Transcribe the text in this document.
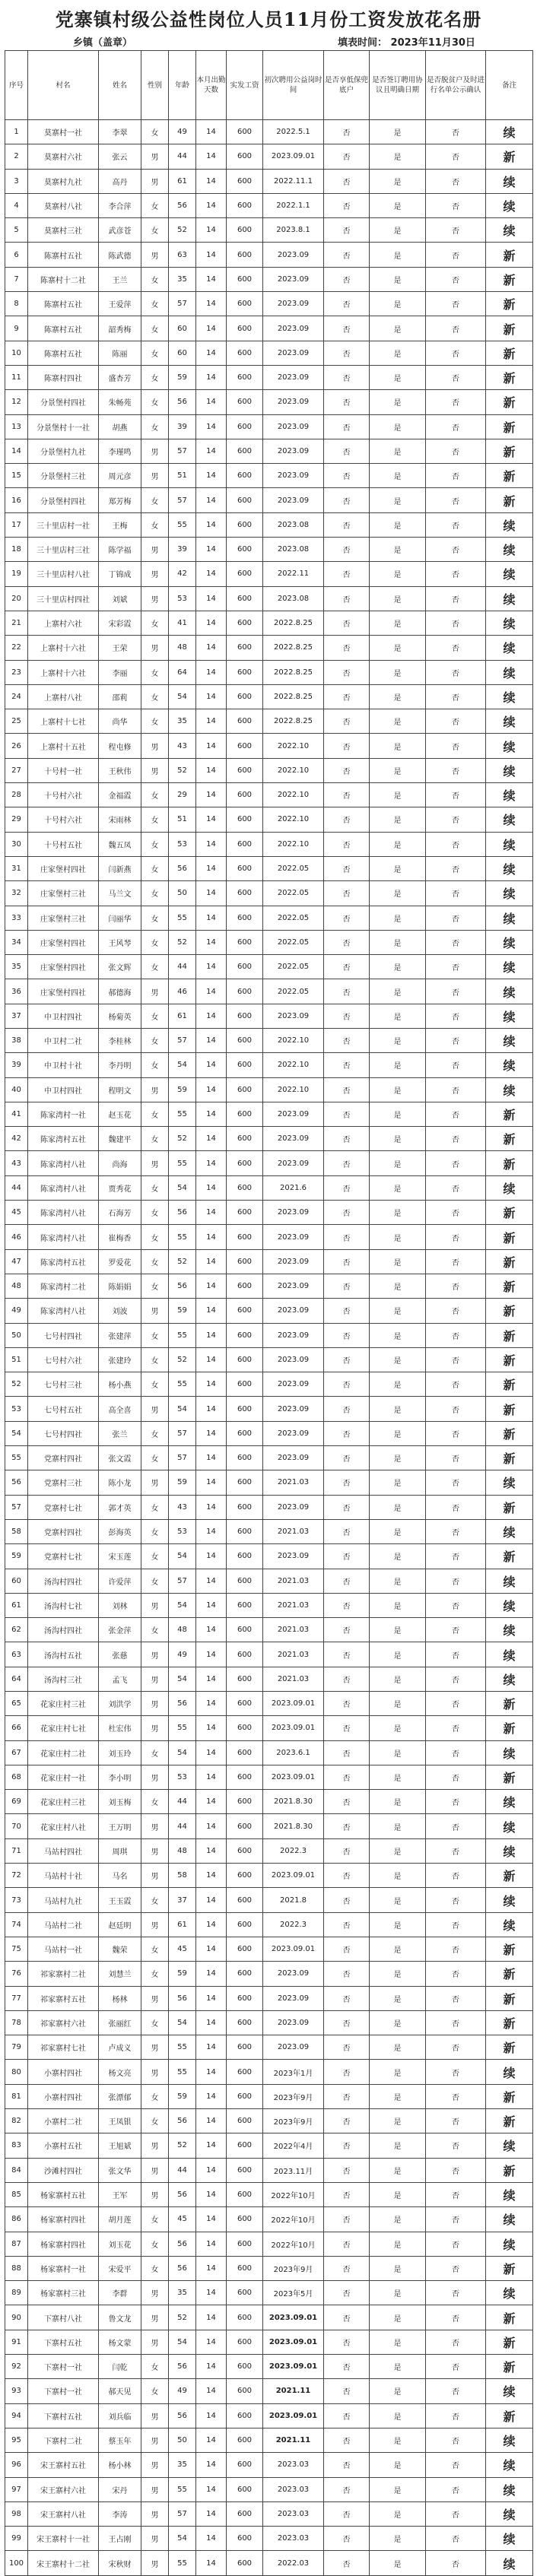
党寨镇村级公益性岗位人员11月份工资发放花名册
乡镇（盖章）	填表时间： 2023年11月30日
序号	村名	姓名	性别	年龄	本月出勤天数	实发工资	初次聘用公益岗时间	是否享低保兜底户	是否签订聘用协议且明确日期	是否脱贫户及时进行名单公示确认	备注
1	莫寨村一社	李翠	女	49	14	600	2022.5.1	否	是	否	续
2	莫寨村六社	张云	男	44	14	600	2023.09.01	否	是	否	新
3	莫寨村九社	高丹	男	61	14	600	2022.11.1	否	是	否	续
4	莫寨村八社	李合萍	女	56	14	600	2022.1.1	否	是	否	续
5	莫寨村三社	武彦苍	女	52	14	600	2023.8.1	否	是	否	续
6	陈寨村五社	陈武德	男	63	14	600	2023.09	否	是	否	新
7	陈寨村十二社	王兰	女	35	14	600	2023.09	否	是	否	新
8	陈寨村五社	王爱萍	女	57	14	600	2023.09	否	是	否	新
9	陈寨村五社	韶秀梅	女	60	14	600	2023.09	否	是	否	新
10	陈寨村五社	陈丽	女	60	14	600	2023.09	否	是	否	新
11	陈寨村四社	盛杏芳	女	59	14	600	2023.09	否	是	否	新
12	分景堡村四社	朱畅苑	女	56	14	600	2023.09	否	是	否	新
13	分景堡村十一社	胡燕	女	39	14	600	2023.09	否	是	否	新
14	分景堡村九社	李瑾鸣	男	57	14	600	2023.09	否	是	否	新
15	分景堡村三社	周元彦	男	51	14	600	2023.09	否	是	否	新
16	分景堡村四社	郑芳梅	女	57	14	600	2023.09	否	是	否	新
17	三十里店村一社	王梅	女	55	14	600	2023.08	否	是	否	续
18	三十里店村三社	陈学福	男	39	14	600	2023.08	否	是	否	续
19	三十里店村八社	丁锦成	男	42	14	600	2022.11	否	是	否	续
20	三十里店村四社	刘斌	男	53	14	600	2023.08	否	是	否	续
21	上寨村六社	宋彩霞	女	41	14	600	2022.8.25	否	是	否	续
22	上寨村十六社	王荣	男	48	14	600	2022.8.25	否	是	否	续
23	上寨村十六社	李丽	女	64	14	600	2022.8.25	否	是	否	续
24	上寨村八社	邵莉	女	54	14	600	2022.8.25	否	是	否	续
25	上寨村十七社	尚华	女	35	14	600	2022.8.25	否	是	否	续
26	上寨村十五社	程屯修	男	43	14	600	2022.10	否	是	否	续
27	十号村一社	王秋伟	男	52	14	600	2022.10	否	是	否	续
28	十号村六社	金福霞	女	29	14	600	2022.10	否	是	否	续
29	十号村六社	宋雨林	女	51	14	600	2022.10	否	是	否	续
30	十号村五社	魏五凤	女	53	14	600	2022.10	否	是	否	续
31	庄家堡村四社	闫新燕	女	56	14	600	2022.05	否	是	否	续
32	庄家堡村三社	马兰文	女	50	14	600	2022.05	否	是	否	续
33	庄家堡村三社	闫丽华	女	55	14	600	2022.05	否	是	否	续
34	庄家堡村四社	王风琴	女	52	14	600	2022.05	否	是	否	续
35	庄家堡村四社	张文辉	女	44	14	600	2022.05	否	是	否	续
36	庄家堡村四社	郝德海	男	46	14	600	2022.05	否	是	否	续
37	中卫村四社	杨菊英	女	61	14	600	2023.09	否	是	否	续
38	中卫村二社	李桂林	女	57	14	600	2022.10	否	是	否	续
39	中卫村十社	李丹明	女	54	14	600	2022.10	否	是	否	续
40	中卫村四社	程明文	男	59	14	600	2022.10	否	是	否	续
41	陈家湾村一社	赵玉花	女	55	14	600	2023.09	否	是	否	新
42	陈家湾村五社	魏建平	女	52	14	600	2023.09	否	是	否	新
43	陈家湾村八社	尚海	男	55	14	600	2023.09	否	是	否	新
44	陈家湾村八社	贾秀花	女	54	14	600	2021.6	否	是	否	续
45	陈家湾村八社	石海芳	女	56	14	600	2023.09	否	是	否	新
46	陈家湾村八社	崔梅香	女	55	14	600	2023.09	否	是	否	新
47	陈家湾村五社	罗爱花	女	52	14	600	2023.09	否	是	否	新
48	陈家湾村二社	陈娟娟	女	56	14	600	2023.09	否	是	否	新
49	陈家湾村八社	刘波	男	59	14	600	2023.09	否	是	否	新
50	七号村四社	张建萍	女	55	14	600	2023.09	否	是	否	新
51	七号村六社	张建玲	女	52	14	600	2023.09	否	是	否	新
52	七号村三社	杨小燕	女	55	14	600	2023.09	否	是	否	新
53	七号村五社	高全喜	男	54	14	600	2023.09	否	是	否	新
54	七号村四社	张兰	女	57	14	600	2023.09	否	是	否	新
55	党寨村四社	张文霞	女	57	14	600	2023.09	否	是	否	新
56	党寨村三社	陈小龙	男	59	14	600	2021.03	否	是	否	续
57	党寨村七社	郭才英	女	43	14	600	2023.09	否	是	否	新
58	党寨村四社	彭海英	女	53	14	600	2021.03	否	是	否	续
59	党寨村七社	宋玉莲	女	54	14	600	2023.09	否	是	否	新
60	汤沟村四社	许爱萍	女	57	14	600	2021.03	否	是	否	续
61	汤沟村七社	刘林	男	54	14	600	2021.03	否	是	否	续
62	汤沟村四社	张金萍	女	48	14	600	2021.03	否	是	否	续
63	汤沟村五社	张慈	男	49	14	600	2021.03	否	是	否	续
64	汤沟村三社	孟飞	男	54	14	600	2021.03	否	是	否	续
65	花家庄村三社	刘洪学	男	56	14	600	2023.09.01	否	是	否	新
66	花家庄村七社	杜宏伟	男	55	14	600	2023.09.01	否	是	否	新
67	花家庄村二社	刘玉玲	女	54	14	600	2023.6.1	否	是	否	续
68	花家庄村一社	李小明	男	53	14	600	2023.09.01	否	是	否	新
69	花家庄村三社	刘玉梅	女	44	14	600	2021.8.30	否	是	否	续
70	花家庄村八社	王万明	男	44	14	600	2021.8.30	否	是	否	续
71	马站村四社	周琪	男	48	14	600	2022.3	否	是	否	续
72	马站村十社	马名	男	58	14	600	2023.09.01	否	是	否	新
73	马站村九社	王玉霞	女	37	14	600	2021.8	否	是	否	续
74	马站村二社	赵廷明	男	61	14	600	2022.3	否	是	否	续
75	马站村一社	魏荣	女	45	14	600	2023.09.01	否	是	否	新
76	祁家寨村二社	刘慧兰	女	59	14	600	2023.09	否	是	否	新
77	祁家寨村五社	杨林	男	56	14	600	2023.09	否	是	否	新
78	祁家寨村六社	张丽红	女	54	14	600	2023.09	否	是	否	新
79	祁家寨村七社	卢成义	男	55	14	600	2023.09	否	是	否	新
80	小寨村四社	杨文亮	男	55	14	600	2023年1月	否	是	否	续
81	小寨村四社	张漂郁	女	59	14	600	2023年9月	否	是	否	新
82	小寨村二社	王凤银	女	56	14	600	2023年9月	否	是	否	新
83	小寨村五社	王旭斌	男	52	14	600	2022年4月	否	是	否	续
84	沙滩村四社	张文华	男	44	14	600	2023.11月	否	是	否	新
85	杨家寨村五社	王军	男	56	14	600	2022年10月	否	是	否	续
86	杨家寨村四社	胡月莲	女	45	14	600	2022年10月	否	是	否	续
87	杨家寨村四社	刘玉花	女	56	14	600	2022年10月	否	是	否	续
88	杨家寨村一社	宋爱平	女	56	14	600	2023年9月	否	是	否	新
89	杨家寨村三社	李群	男	35	14	600	2023年5月	否	是	否	续
90	下寨村八社	鲁文龙	男	52	14	600	2023.09.01	否	是	否	新
91	下寨村五社	杨文蒙	男	54	14	600	2023.09.01	否	是	否	新
92	下寨村一社	闫乾	女	56	14	600	2023.09.01	否	是	否	新
93	下寨村一社	郝天见	女	49	14	600	2021.11	否	是	否	续
94	下寨村五社	刘兵临	男	56	14	600	2023.09.01	否	是	否	新
95	下寨村二社	蔡玉年	男	50	14	600	2021.11	否	是	否	续
96	宋王寨村五社	杨小林	男	35	14	600	2023.03	否	是	否	续
97	宋王寨村六社	宋丹	男	55	14	600	2023.03	否	是	否	续
98	宋王寨村八社	李涛	男	57	14	600	2023.03	否	是	否	续
99	宋王寨村十一社	王占刚	男	54	14	600	2023.03	否	是	否	续
100	宋王寨村十二社	宋秋财	男	55	14	600	2022.03	否	是	否	续
